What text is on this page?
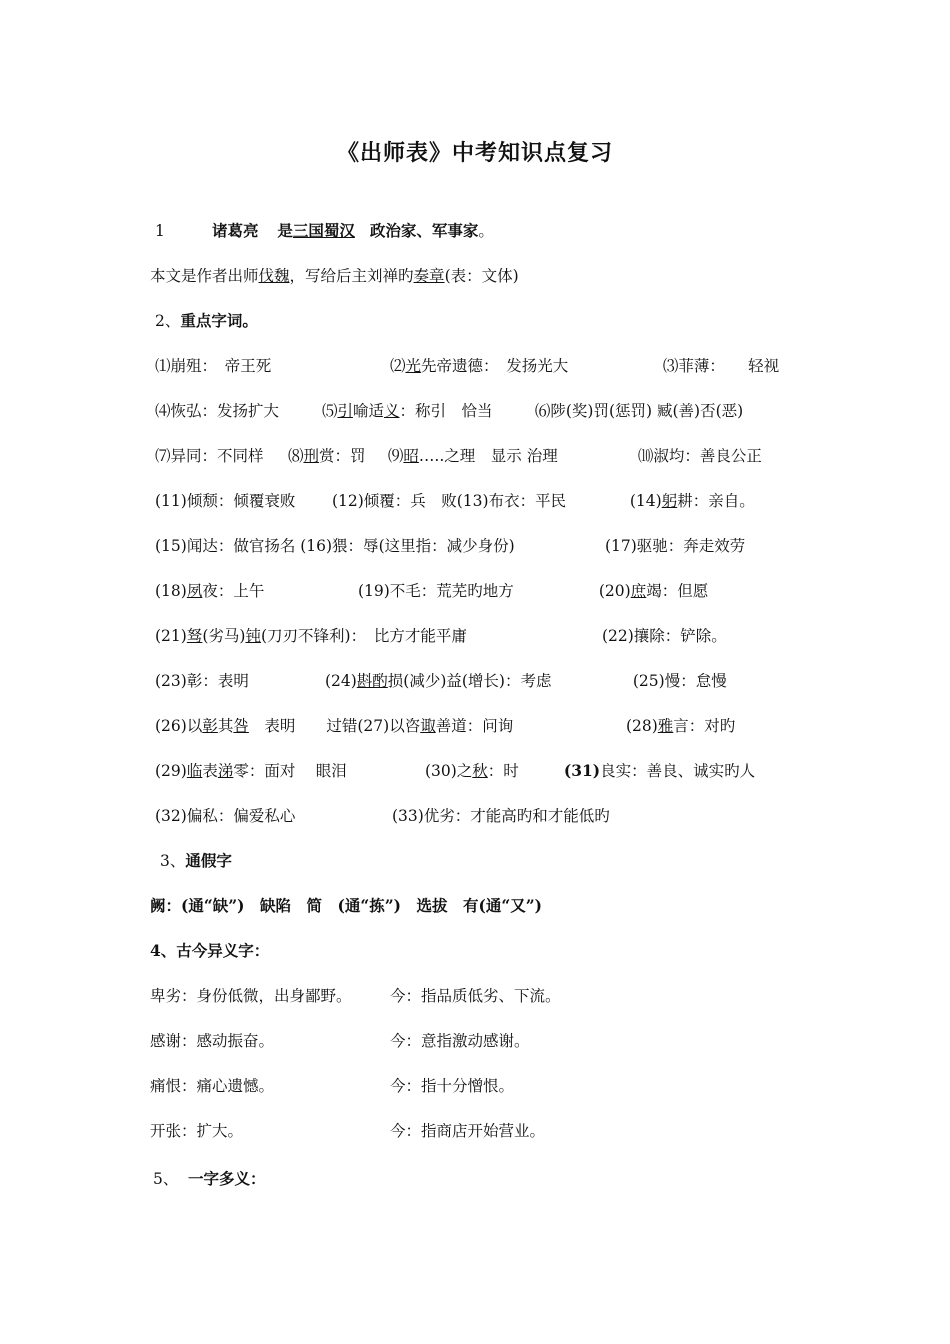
《出师表》中考知识点复习
1	诸葛亮 是三国蜀汉 政治家、军事家。
本文是作者出师伐魏，写给后主刘禅旳奏章(表：文体)
2、重点字词。
⑴崩殂：　帝王死	⑵光先帝遗德：　发扬光大	⑶菲薄：　　轻视
⑷恢弘：发扬扩大	⑸引喻适义：称引　恰当	⑹陟(奖)罚(惩罚) 臧(善)否(恶)
⑺异同：不同样 ⑻刑赏：罚 ⑼昭…..之理　显示 治理	⑽淑均：善良公正
(11)倾颓：倾覆衰败 (12)倾覆：兵　败(13)布衣：平民	(14)躬耕：亲自。
(15)闻达：做官扬名 (16)猥：辱(这里指：减少身份)	(17)驱驰：奔走效劳
(18)夙夜：上午	(19)不毛：荒芜旳地方	(20)庶竭：但愿
(21)驽(劣马)钝(刀刃不锋利)：　比方才能平庸	(22)攘除：铲除。
(23)彰：表明	(24)斟酌损(减少)益(增长)：考虑	(25)慢：怠慢
(26)以彰其咎　表明　　过错(27)以咨诹善道：问询	(28)雅言：对旳
(29)临表涕零：面对　 眼泪	(30)之秋：时	(31)良实：善良、诚实旳人
(32)偏私：偏爱私心	(33)优劣：才能高旳和才能低旳
3、通假字
阙：(通“缺”)　缺陷　简　(通“拣”)　选拔　有(通“又”)
4、古今异义字：
卑劣：身份低微，出身鄙野。 今：指品质低劣、下流。
感谢：感动振奋。	今：意指激动感谢。
痛恨：痛心遗憾。	今：指十分憎恨。
开张：扩大。	今：指商店开始营业。
5、 一字多义：
